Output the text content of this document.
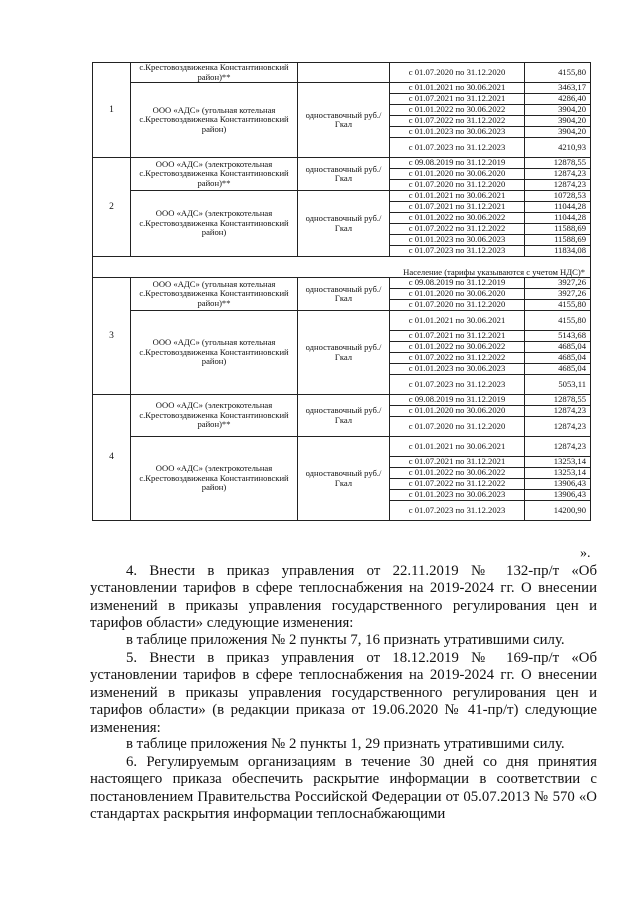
1	с.Крестовоздвиженка Константиновский район)**		с 01.07.2020 по 31.12.2020	4155,80
	ООО «АДС» (угольная котельная с.Крестовоздвиженка Константиновский район)	одноставочный руб./Гкал	с 01.01.2021 по 30.06.2021	3463,17
			с 01.07.2021 по 31.12.2021	4286,40
			с 01.01.2022 по 30.06.2022	3904,20
			с 01.07.2022 по 31.12.2022	3904,20
			с 01.01.2023 по 30.06.2023	3904,20
			с 01.07.2023 по 31.12.2023	4210,93
2	ООО «АДС» (электрокотельная с.Крестовоздвиженка Константиновский район)**	одноставочный руб./Гкал	с 09.08.2019 по 31.12.2019	12878,55
			с 01.01.2020 по 30.06.2020	12874,23
			с 01.07.2020 по 31.12.2020	12874,23
	ООО «АДС» (электрокотельная с.Крестовоздвиженка Константиновский район)	одноставочный руб./Гкал	с 01.01.2021 по 30.06.2021	10728,53
			с 01.07.2021 по 31.12.2021	11044,28
			с 01.01.2022 по 30.06.2022	11044,28
			с 01.07.2022 по 31.12.2022	11588,69
			с 01.01.2023 по 30.06.2023	11588,69
			с 01.07.2023 по 31.12.2023	11834,08
Население (тарифы указываются с учетом НДС)*				
3	ООО «АДС» (угольная котельная с.Крестовоздвиженка Константиновский район)**	одноставочный руб./Гкал	с 09.08.2019 по 31.12.2019	3927,26
			с 01.01.2020 по 30.06.2020	3927,26
			с 01.07.2020 по 31.12.2020	4155,80
	ООО «АДС» (угольная котельная с.Крестовоздвиженка Константиновский район)	одноставочный руб./Гкал	с 01.01.2021 по 30.06.2021	4155,80
			с 01.07.2021 по 31.12.2021	5143,68
			с 01.01.2022 по 30.06.2022	4685,04
			с 01.07.2022 по 31.12.2022	4685,04
			с 01.01.2023 по 30.06.2023	4685,04
			с 01.07.2023 по 31.12.2023	5053,11
4	ООО «АДС» (электрокотельная с.Крестовоздвиженка Константиновский район)**	одноставочный руб./Гкал	с 09.08.2019 по 31.12.2019	12878,55
			с 01.01.2020 по 30.06.2020	12874,23
			с 01.07.2020 по 31.12.2020	12874,23
	ООО «АДС» (электрокотельная с.Крестовоздвиженка Константиновский район)	одноставочный руб./Гкал	с 01.01.2021 по 30.06.2021	12874,23
			с 01.07.2021 по 31.12.2021	13253,14
			с 01.01.2022 по 30.06.2022	13253,14
			с 01.07.2022 по 31.12.2022	13906,43
			с 01.01.2023 по 30.06.2023	13906,43
			с 01.07.2023 по 31.12.2023	14200,90
».

4. Внести в приказ управления от 22.11.2019 № 132-пр/т «Об установлении тарифов в сфере теплоснабжения на 2019-2024 гг. О внесении изменений в приказы управления государственного регулирования цен и тарифов области» следующие изменения:

в таблице приложения № 2 пункты 7, 16 признать утратившими силу.

5. Внести в приказ управления от 18.12.2019 № 169-пр/т «Об установлении тарифов в сфере теплоснабжения на 2019-2024 гг. О внесении изменений в приказы управления государственного регулирования цен и тарифов области» (в редакции приказа от 19.06.2020 № 41-пр/т) следующие изменения:

в таблице приложения № 2 пункты 1, 29 признать утратившими силу.

6. Регулируемым организациям в течение 30 дней со дня принятия настоящего приказа обеспечить раскрытие информации в соответствии с постановлением Правительства Российской Федерации от 05.07.2013 № 570 «О стандартах раскрытия информации теплоснабжающими
